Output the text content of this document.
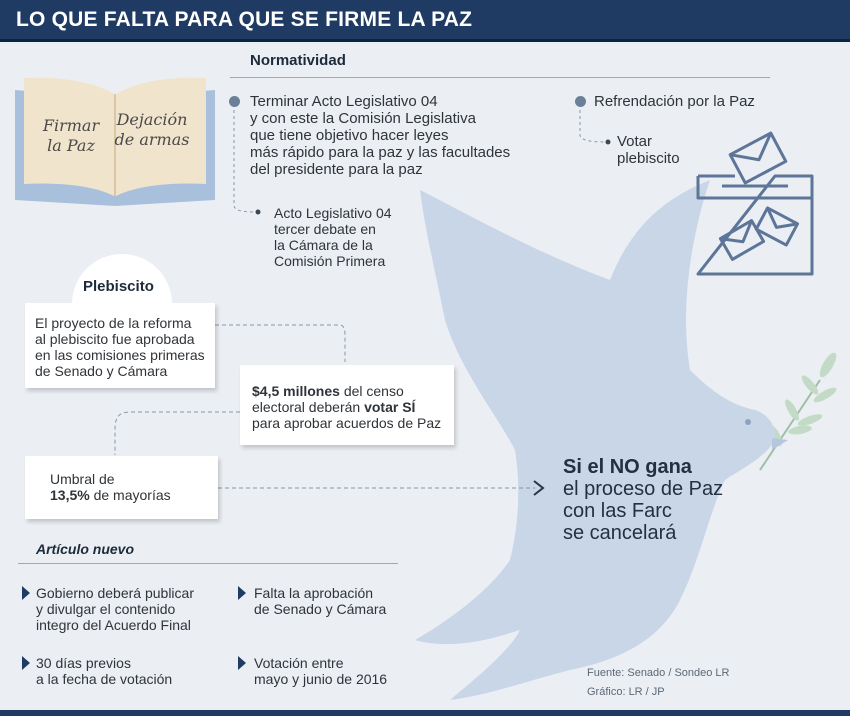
LO QUE FALTA PARA QUE SE FIRME LA PAZ
Firmar
la Paz
Dejación
de armas
Normatividad
Terminar Acto Legislativo 04
y con este la Comisión Legislativa
que tiene objetivo hacer leyes
más rápido para la paz y las facultades
del presidente para la paz
Refrendación por la Paz
Acto Legislativo 04
tercer debate en
la Cámara de la
Comisión Primera
Votar
plebiscito
Plebiscito
El proyecto de la reforma
al plebiscito fue aprobada
en las comisiones primeras
de Senado y Cámara
$4,5 millones del censo
electoral deberán votar SÍ
para aprobar acuerdos de Paz
Umbral de
13,5% de mayorías
Si el NO gana
el proceso de Paz
con las Farc
se cancelará
Artículo nuevo
Gobierno deberá publicar
y divulgar el contenido
integro del Acuerdo Final
Falta la aprobación
de Senado y Cámara
30 días previos
a la fecha de votación
Votación entre
mayo y junio de 2016	Fuente: Senado / Sondeo LR
Gráfico: LR / JP
